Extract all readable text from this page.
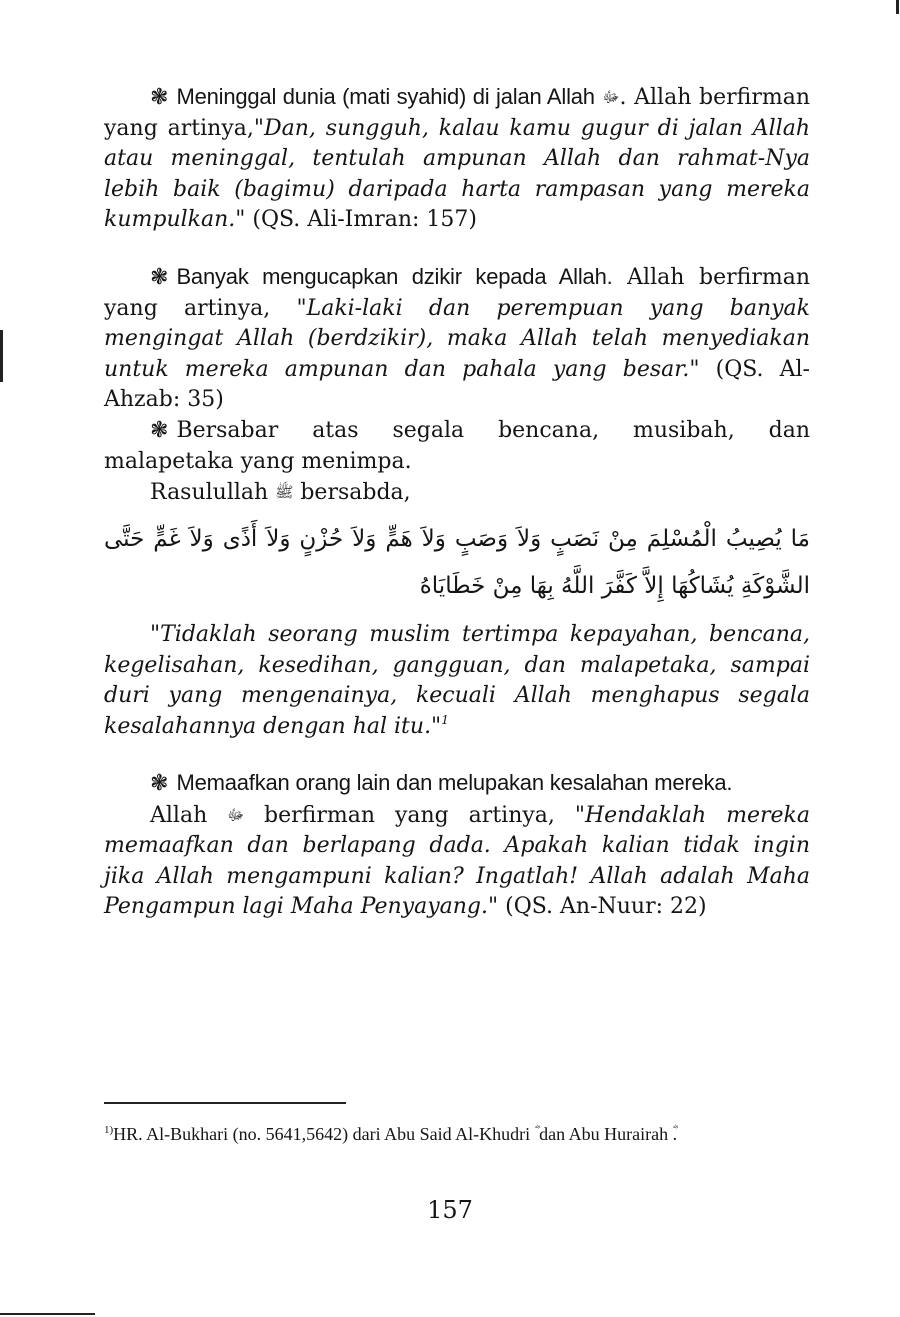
❃ Meninggal dunia (mati syahid) di jalan Allah ﷻ. Allah berfirman yang artinya,"Dan, sungguh, kalau kamu gugur di jalan Allah atau meninggal, tentulah ampunan Allah dan rahmat-Nya lebih baik (bagimu) daripada harta rampasan yang mereka kumpulkan." (QS. Ali-Imran: 157)

❃ Banyak mengucapkan dzikir kepada Allah. Allah berfirman yang artinya, "Laki-laki dan perempuan yang banyak mengingat Allah (berdzikir), maka Allah telah menyediakan untuk mereka ampunan dan pahala yang besar." (QS. Al-Ahzab: 35)

❃ Bersabar atas segala bencana, musibah, dan malapetaka yang menimpa.

Rasulullah ﷺ bersabda,

مَا يُصِيبُ الْمُسْلِمَ مِنْ نَصَبٍ وَلاَ وَصَبٍ وَلاَ هَمٍّ وَلاَ حُزْنٍ وَلاَ أَذًى وَلاَ غَمٍّ حَتَّى الشَّوْكَةِ يُشَاكُهَا إِلاَّ كَفَّرَ اللَّهُ بِهَا مِنْ خَطَايَاهُ

"Tidaklah seorang muslim tertimpa kepayahan, bencana, kegelisahan, kesedihan, gangguan, dan malapetaka, sampai duri yang mengenainya, kecuali Allah menghapus segala kesalahannya dengan hal itu."$^1$

❃ Memaafkan orang lain dan melupakan kesalahan mereka.

Allah ﷻ berfirman yang artinya, "Hendaklah mereka memaafkan dan berlapang dada. Apakah kalian tidak ingin jika Allah mengampuni kalian? Ingatlah! Allah adalah Maha Pengampun lagi Maha Penyayang." (QS. An-Nuur: 22)

$^{1)}$HR. Al-Bukhari (no. 5641,5642) dari Abu Said Al-Khudri dan Abu Hurairah .
157
